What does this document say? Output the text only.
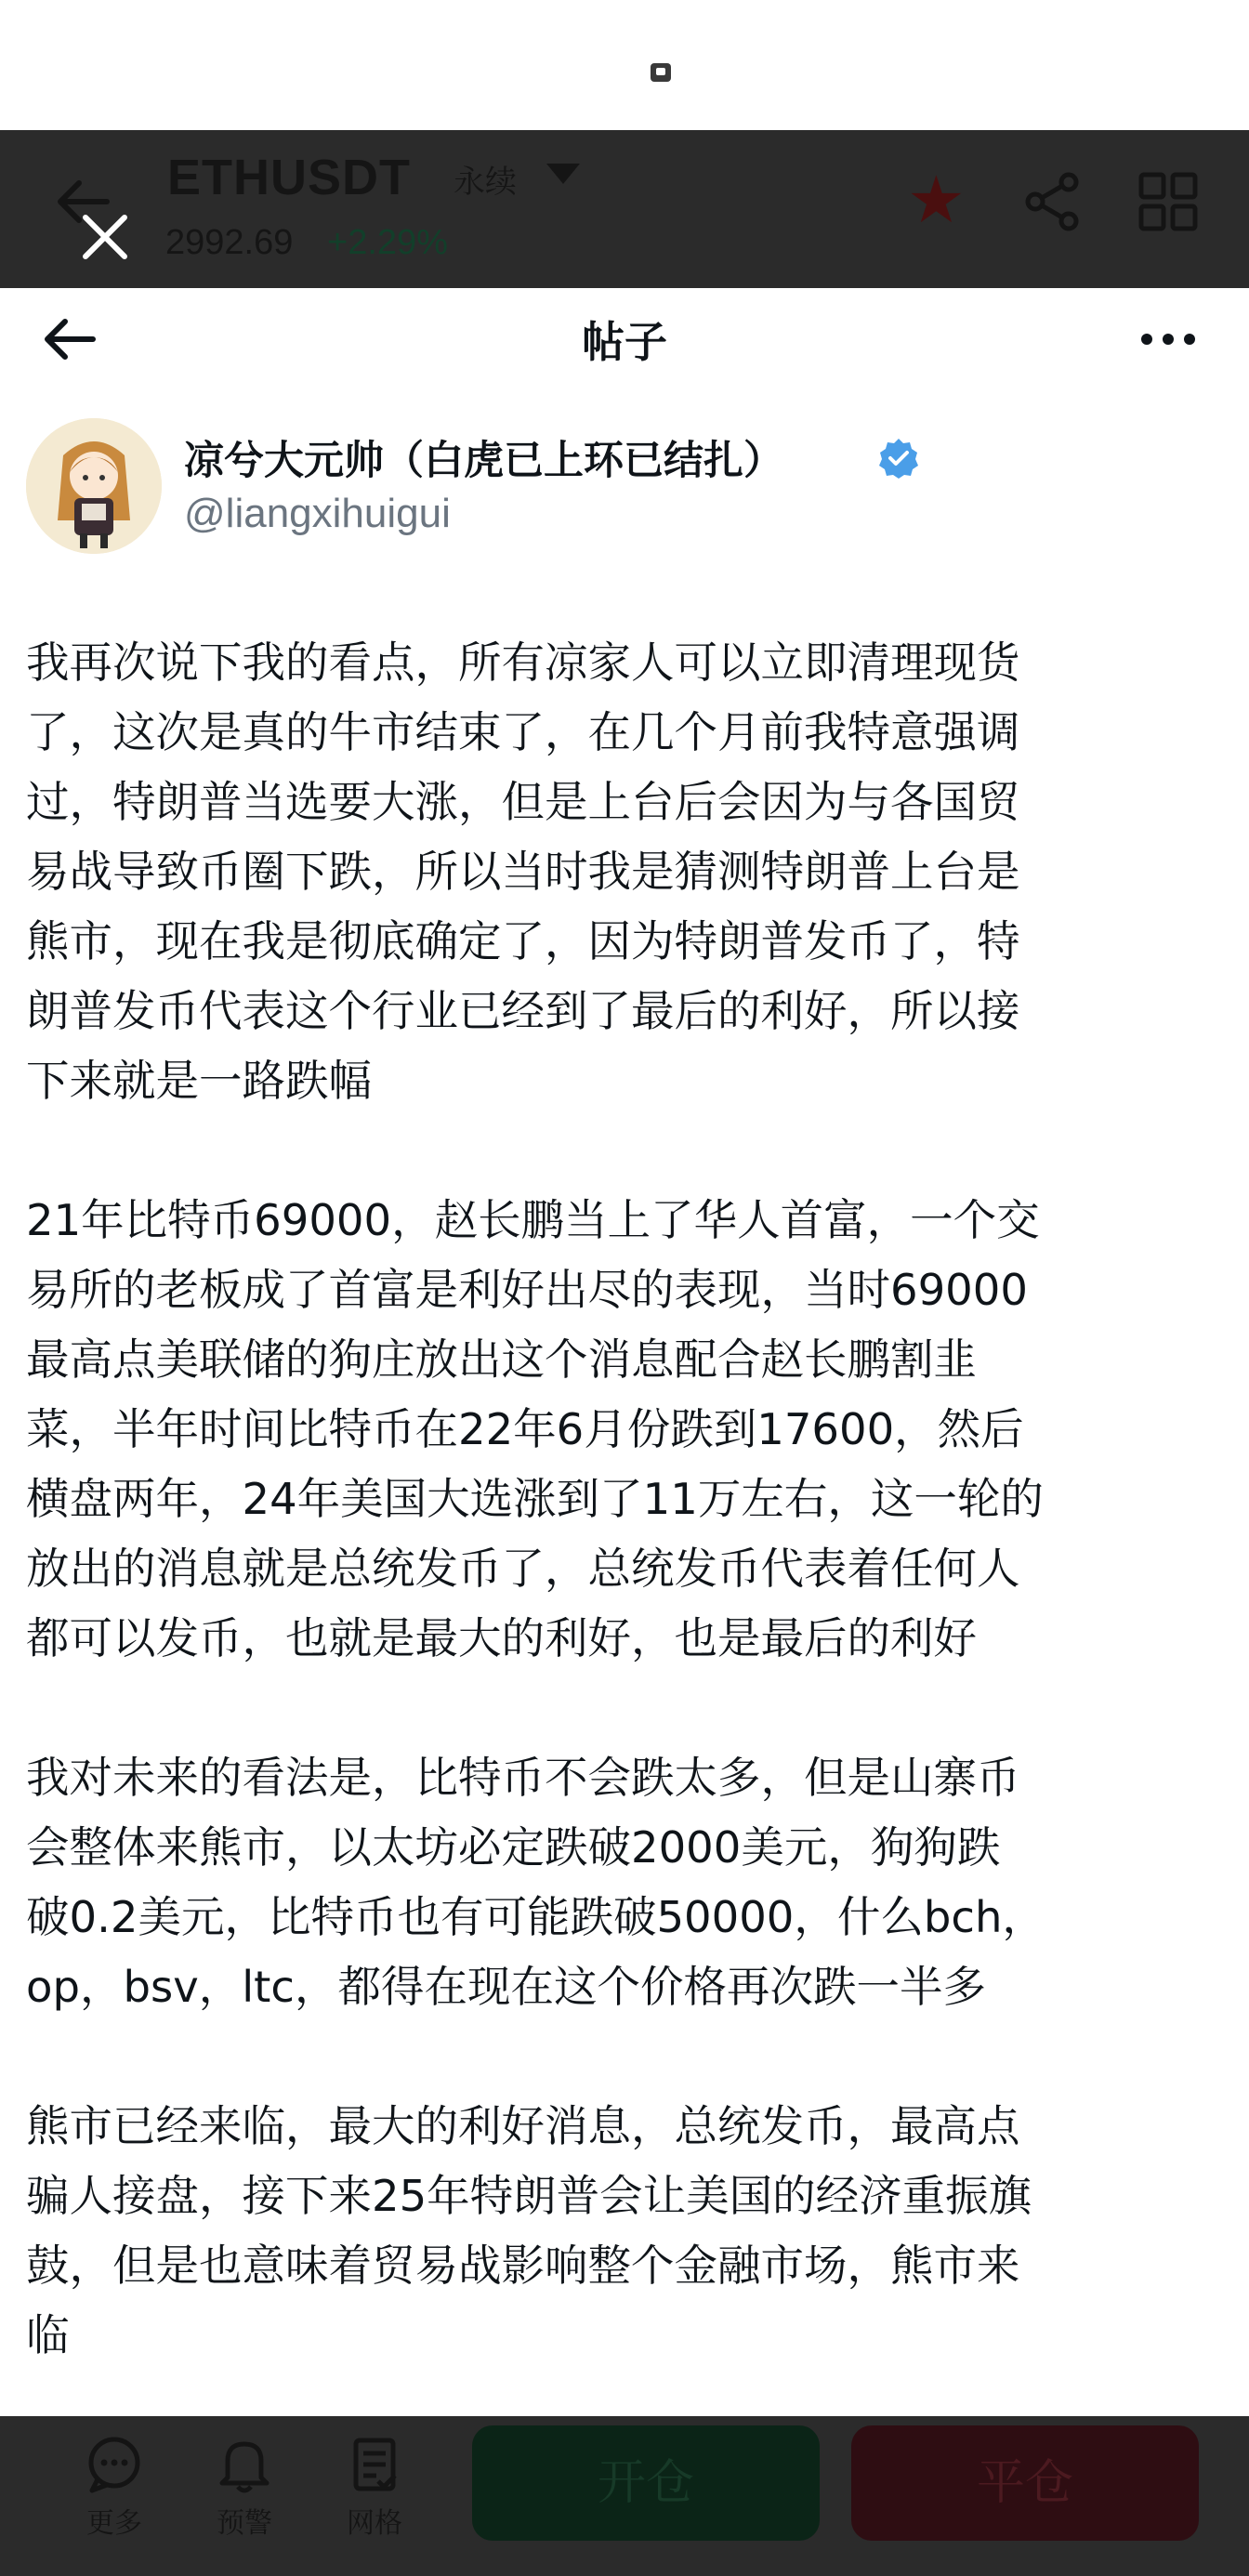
ETHUSDT 永续
2992.69 +2.29%
★
帖子
凉兮大元帅（白虎已上环已结扎）
@liangxihuigui

我再次说下我的看点，所有凉家人可以立即清理现货
了，这次是真的牛市结束了，在几个月前我特意强调
过，特朗普当选要大涨，但是上台后会因为与各国贸
易战导致币圈下跌，所以当时我是猜测特朗普上台是
熊市，现在我是彻底确定了，因为特朗普发币了，特
朗普发币代表这个行业已经到了最后的利好，所以接
下来就是一路跌幅

21年比特币69000，赵长鹏当上了华人首富，一个交
易所的老板成了首富是利好出尽的表现，当时69000
最高点美联储的狗庄放出这个消息配合赵长鹏割韭
菜，半年时间比特币在22年6月份跌到17600，然后
横盘两年，24年美国大选涨到了11万左右，这一轮的
放出的消息就是总统发币了，总统发币代表着任何人
都可以发币，也就是最大的利好，也是最后的利好

我对未来的看法是，比特币不会跌太多，但是山寨币
会整体来熊市，以太坊必定跌破2000美元，狗狗跌
破0.2美元，比特币也有可能跌破50000，什么bch，
op，bsv，ltc，都得在现在这个价格再次跌一半多

熊市已经来临，最大的利好消息，总统发币，最高点
骗人接盘，接下来25年特朗普会让美国的经济重振旗
鼓，但是也意味着贸易战影响整个金融市场，熊市来
临

更多	预警	网格
开仓	平仓
